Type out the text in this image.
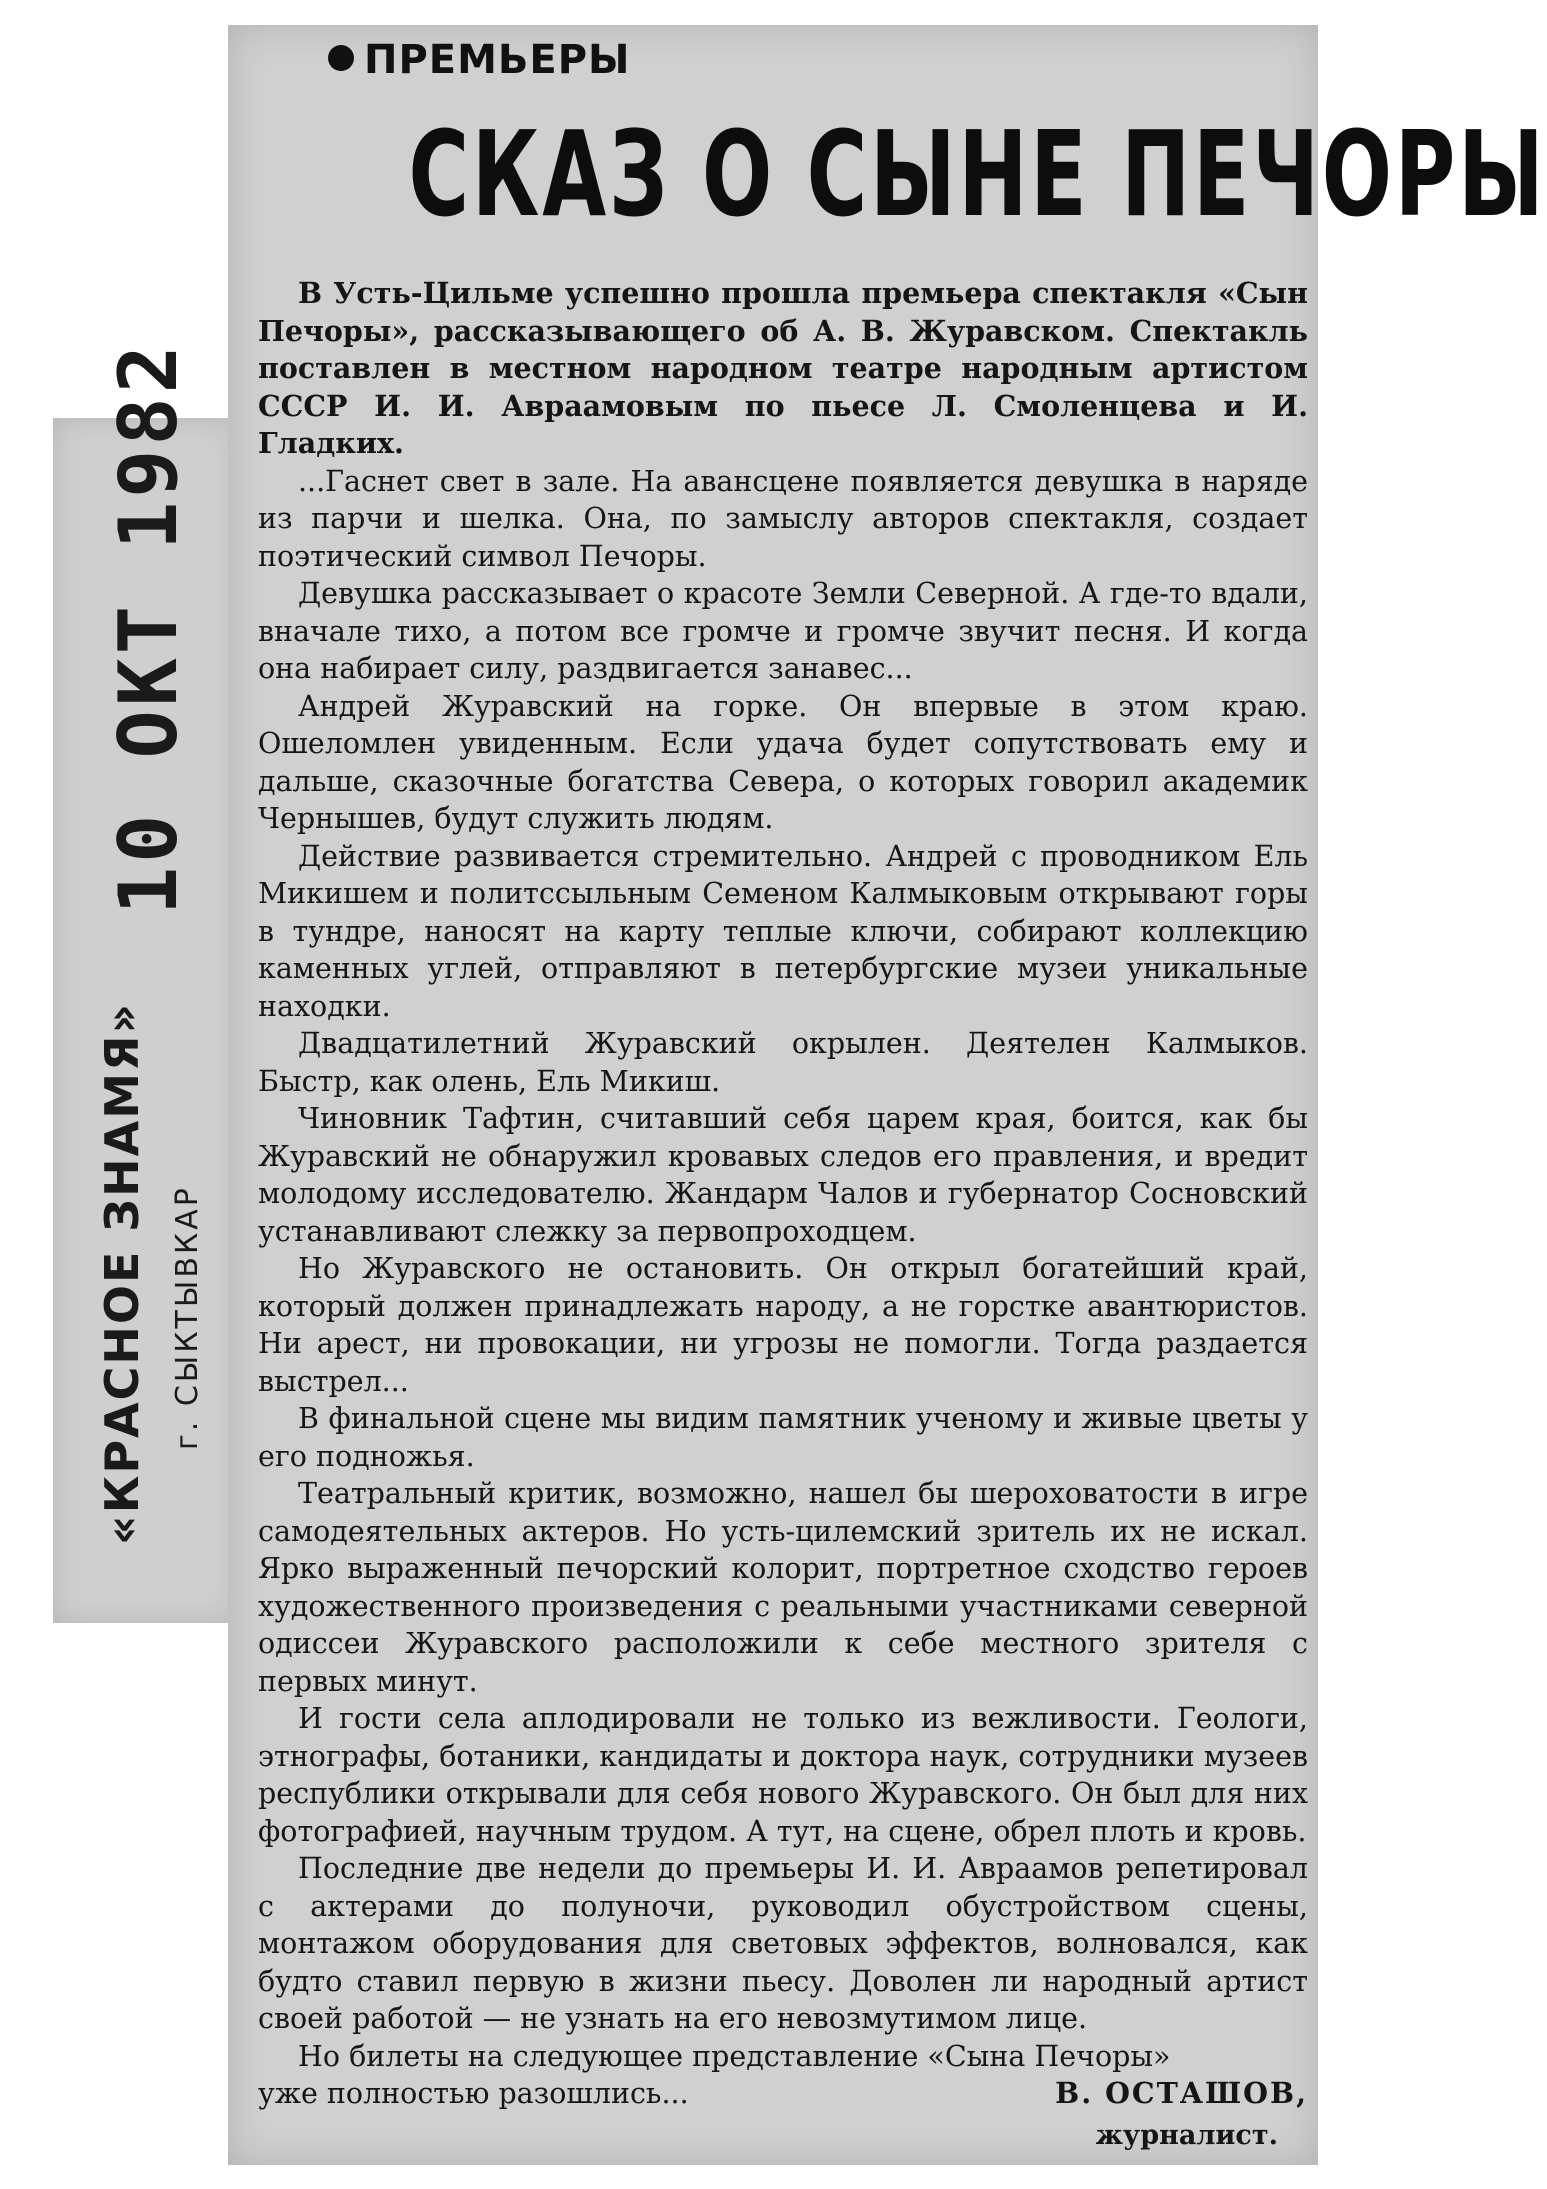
10 ОКТ 1982
«КРАСНОЕ ЗНАМЯ» г. СЫКТЫВКАР
ПРЕМЬЕРЫ
СКАЗ О СЫНЕ ПЕЧОРЫ

В Усть-Цильме успешно прошла премьера спектакля «Сын Печоры», рассказывающего об А. В. Журавском. Спектакль поставлен в местном народном театре народным артистом СССР И. И. Авраамовым по пьесе Л. Смоленцева и И. Гладких.

...Гаснет свет в зале. На авансцене появляется девушка в наряде из парчи и шелка. Она, по замыслу авторов спектакля, создает поэтический символ Печоры.

Девушка рассказывает о красоте Земли Северной. А где-то вдали, вначале тихо, а потом все громче и громче звучит песня. И когда она набирает силу, раздвигается занавес...

Андрей Журавский на горке. Он впервые в этом краю. Ошеломлен увиденным. Если удача будет сопутствовать ему и дальше, сказочные богатства Севера, о которых говорил академик Чернышев, будут служить людям.

Действие развивается стремительно. Андрей с проводником Ель Микишем и политссыльным Семеном Калмыковым открывают горы в тундре, наносят на карту теплые ключи, собирают коллекцию каменных углей, отправляют в петербургские музеи уникальные находки.

Двадцатилетний Журавский окрылен. Деятелен Калмыков. Быстр, как олень, Ель Микиш.

Чиновник Тафтин, считавший себя царем края, боится, как бы Журавский не обнаружил кровавых следов его правления, и вредит молодому исследователю. Жандарм Чалов и губернатор Сосновский устанавливают слежку за первопроходцем.

Но Журавского не остановить. Он открыл богатейший край, который должен принадлежать народу, а не горстке авантюристов. Ни арест, ни провокации, ни угрозы не помогли. Тогда раздается выстрел...

В финальной сцене мы видим памятник ученому и живые цветы у его подножья.

Театральный критик, возможно, нашел бы шероховатости в игре самодеятельных актеров. Но усть-цилемский зритель их не искал. Ярко выраженный печорский колорит, портретное сходство героев художественного произведения с реальными участниками северной одиссеи Журавского расположили к себе местного зрителя с первых минут.

И гости села аплодировали не только из вежливости. Геологи, этнографы, ботаники, кандидаты и доктора наук, сотрудники музеев республики открывали для себя нового Журавского. Он был для них фотографией, научным трудом. А тут, на сцене, обрел плоть и кровь.

Последние две недели до премьеры И. И. Авраамов репетировал с актерами до полуночи, руководил обустройством сцены, монтажом оборудования для световых эффектов, волновался, как будто ставил первую в жизни пьесу. Доволен ли народный артист своей работой — не узнать на его невозмутимом лице.

Но билеты на следующее представление «Сына Печоры»

уже полностью разошлись...	В. ОСТАШОВ,
журналист.
